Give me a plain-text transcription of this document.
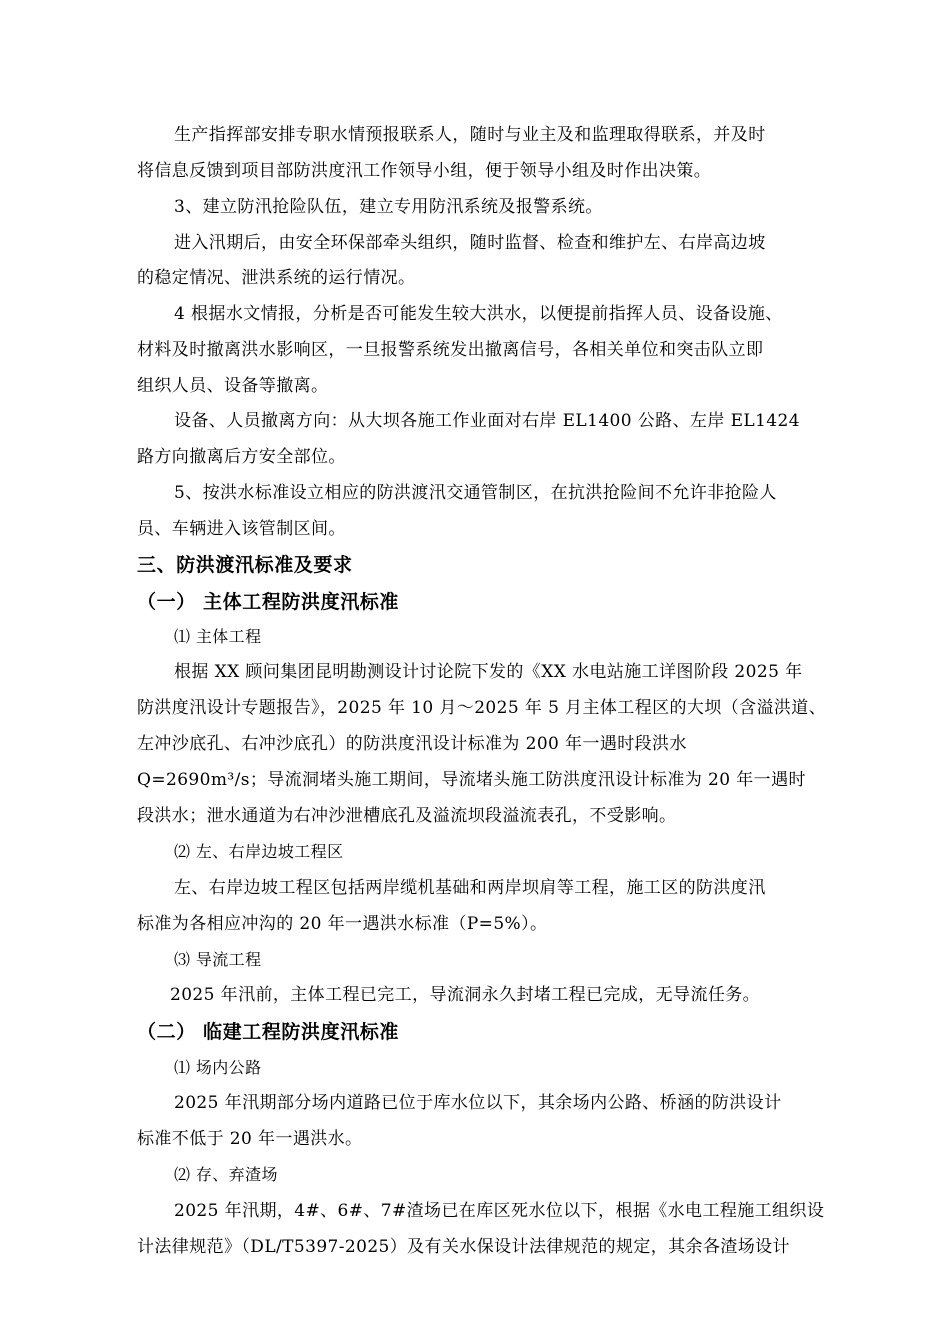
生产指挥部安排专职水情预报联系人，随时与业主及和监理取得联系，并及时
将信息反馈到项目部防洪度汛工作领导小组，便于领导小组及时作出决策。
3、建立防汛抢险队伍，建立专用防汛系统及报警系统。
进入汛期后，由安全环保部牵头组织，随时监督、检查和维护左、右岸高边坡
的稳定情况、泄洪系统的运行情况。
4 根据水文情报，分析是否可能发生较大洪水，以便提前指挥人员、设备设施、
材料及时撤离洪水影响区，一旦报警系统发出撤离信号，各相关单位和突击队立即
组织人员、设备等撤离。
设备、人员撤离方向：从大坝各施工作业面对右岸 EL1400 公路、左岸 EL1424
路方向撤离后方安全部位。
5、按洪水标准设立相应的防洪渡汛交通管制区，在抗洪抢险间不允许非抢险人
员、车辆进入该管制区间。
三、防洪渡汛标准及要求
（一） 主体工程防洪度汛标准
⑴ 主体工程
根据 XX 顾问集团昆明勘测设计讨论院下发的《XX 水电站施工详图阶段 2025 年
防洪度汛设计专题报告》，2025 年 10 月～2025 年 5 月主体工程区的大坝（含溢洪道、
左冲沙底孔、右冲沙底孔）的防洪度汛设计标准为 200 年一遇时段洪水
Q=2690m³/s；导流洞堵头施工期间，导流堵头施工防洪度汛设计标准为 20 年一遇时
段洪水；泄水通道为右冲沙泄槽底孔及溢流坝段溢流表孔，不受影响。
⑵ 左、右岸边坡工程区
左、右岸边坡工程区包括两岸缆机基础和两岸坝肩等工程，施工区的防洪度汛
标准为各相应冲沟的 20 年一遇洪水标准（P=5%）。
⑶ 导流工程
2025 年汛前，主体工程已完工，导流洞永久封堵工程已完成，无导流任务。
（二） 临建工程防洪度汛标准
⑴ 场内公路
2025 年汛期部分场内道路已位于库水位以下，其余场内公路、桥涵的防洪设计
标准不低于 20 年一遇洪水。
⑵ 存、弃渣场
2025 年汛期，4#、6#、7#渣场已在库区死水位以下，根据《水电工程施工组织设
计法律规范》（DL/T5397-2025）及有关水保设计法律规范的规定，其余各渣场设计
